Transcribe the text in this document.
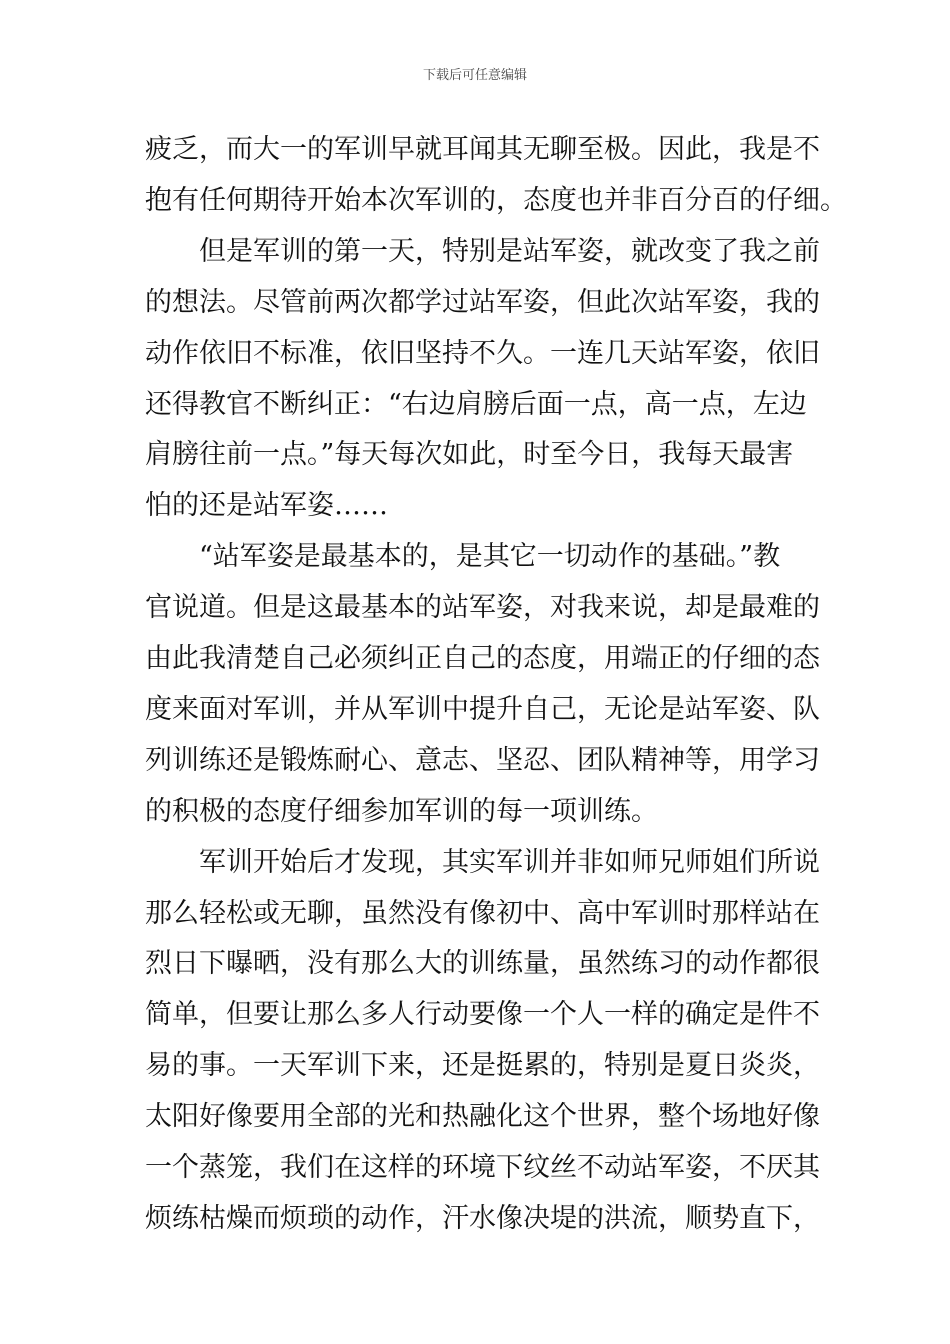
下载后可任意编辑
疲乏，而大一的军训早就耳闻其无聊至极。因此，我是不
抱有任何期待开始本次军训的，态度也并非百分百的仔细。
　　但是军训的第一天，特别是站军姿，就改变了我之前
的想法。尽管前两次都学过站军姿，但此次站军姿，我的
动作依旧不标准，依旧坚持不久。一连几天站军姿，依旧
还得教官不断纠正：“右边肩膀后面一点，高一点，左边
肩膀往前一点。”每天每次如此，时至今日，我每天最害
怕的还是站军姿……
　　“站军姿是最基本的，是其它一切动作的基础。”教
官说道。但是这最基本的站军姿，对我来说，却是最难的
由此我清楚自己必须纠正自己的态度，用端正的仔细的态
度来面对军训，并从军训中提升自己，无论是站军姿、队
列训练还是锻炼耐心、意志、坚忍、团队精神等，用学习
的积极的态度仔细参加军训的每一项训练。
　　军训开始后才发现，其实军训并非如师兄师姐们所说
那么轻松或无聊，虽然没有像初中、高中军训时那样站在
烈日下曝晒，没有那么大的训练量，虽然练习的动作都很
简单，但要让那么多人行动要像一个人一样的确定是件不
易的事。一天军训下来，还是挺累的，特别是夏日炎炎，
太阳好像要用全部的光和热融化这个世界，整个场地好像
一个蒸笼，我们在这样的环境下纹丝不动站军姿，不厌其
烦练枯燥而烦琐的动作，汗水像决堤的洪流，顺势直下，
